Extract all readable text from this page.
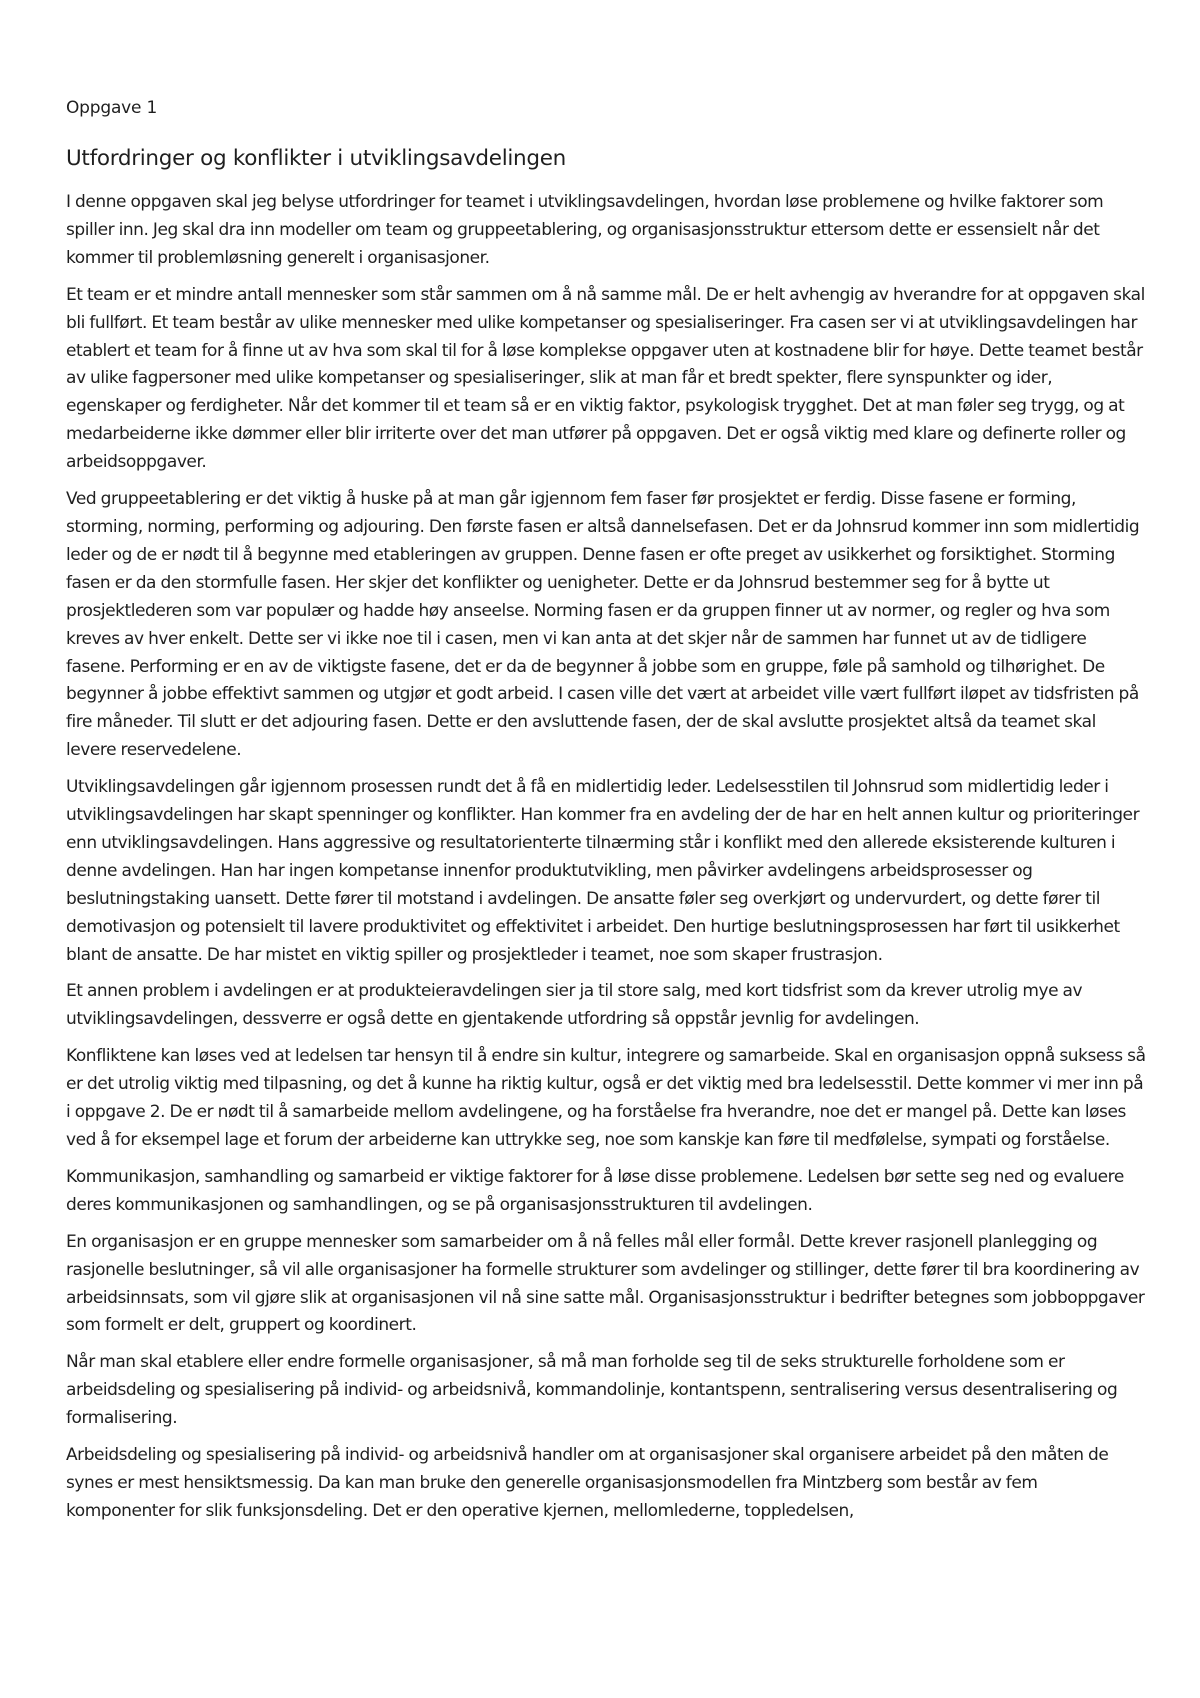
Oppgave 1
Utfordringer og konflikter i utviklingsavdelingen

I denne oppgaven skal jeg belyse utfordringer for teamet i utviklingsavdelingen, hvordan løse problemene og hvilke faktorer som spiller inn. Jeg skal dra inn modeller om team og gruppeetablering, og organisasjonsstruktur ettersom dette er essensielt når det kommer til problemløsning generelt i organisasjoner.

Et team er et mindre antall mennesker som står sammen om å nå samme mål. De er helt avhengig av hverandre for at oppgaven skal bli fullført. Et team består av ulike mennesker med ulike kompetanser og spesialiseringer. Fra casen ser vi at utviklingsavdelingen har etablert et team for å finne ut av hva som skal til for å løse komplekse oppgaver uten at kostnadene blir for høye. Dette teamet består av ulike fagpersoner med ulike kompetanser og spesialiseringer, slik at man får et bredt spekter, flere synspunkter og ider, egenskaper og ferdigheter. Når det kommer til et team så er en viktig faktor, psykologisk trygghet. Det at man føler seg trygg, og at medarbeiderne ikke dømmer eller blir irriterte over det man utfører på oppgaven. Det er også viktig med klare og definerte roller og arbeidsoppgaver.

Ved gruppeetablering er det viktig å huske på at man går igjennom fem faser før prosjektet er ferdig. Disse fasene er forming, storming, norming, performing og adjouring. Den første fasen er altså dannelsefasen. Det er da Johnsrud kommer inn som midlertidig leder og de er nødt til å begynne med etableringen av gruppen. Denne fasen er ofte preget av usikkerhet og forsiktighet. Storming fasen er da den stormfulle fasen. Her skjer det konflikter og uenigheter. Dette er da Johnsrud bestemmer seg for å bytte ut prosjektlederen som var populær og hadde høy anseelse. Norming fasen er da gruppen finner ut av normer, og regler og hva som kreves av hver enkelt. Dette ser vi ikke noe til i casen, men vi kan anta at det skjer når de sammen har funnet ut av de tidligere fasene. Performing er en av de viktigste fasene, det er da de begynner å jobbe som en gruppe, føle på samhold og tilhørighet. De begynner å jobbe effektivt sammen og utgjør et godt arbeid. I casen ville det vært at arbeidet ville vært fullført iløpet av tidsfristen på fire måneder. Til slutt er det adjouring fasen. Dette er den avsluttende fasen, der de skal avslutte prosjektet altså da teamet skal levere reservedelene.

Utviklingsavdelingen går igjennom prosessen rundt det å få en midlertidig leder. Ledelsesstilen til Johnsrud som midlertidig leder i utviklingsavdelingen har skapt spenninger og konflikter. Han kommer fra en avdeling der de har en helt annen kultur og prioriteringer enn utviklingsavdelingen. Hans aggressive og resultatorienterte tilnærming står i konflikt med den allerede eksisterende kulturen i denne avdelingen. Han har ingen kompetanse innenfor produktutvikling, men påvirker avdelingens arbeidsprosesser og beslutningstaking uansett. Dette fører til motstand i avdelingen. De ansatte føler seg overkjørt og undervurdert, og dette fører til demotivasjon og potensielt til lavere produktivitet og effektivitet i arbeidet. Den hurtige beslutningsprosessen har ført til usikkerhet blant de ansatte. De har mistet en viktig spiller og prosjektleder i teamet, noe som skaper frustrasjon.

Et annen problem i avdelingen er at produkteieravdelingen sier ja til store salg, med kort tidsfrist som da krever utrolig mye av utviklingsavdelingen, dessverre er også dette en gjentakende utfordring så oppstår jevnlig for avdelingen.

Konfliktene kan løses ved at ledelsen tar hensyn til å endre sin kultur, integrere og samarbeide. Skal en organisasjon oppnå suksess så er det utrolig viktig med tilpasning, og det å kunne ha riktig kultur, også er det viktig med bra ledelsesstil. Dette kommer vi mer inn på i oppgave 2. De er nødt til å samarbeide mellom avdelingene, og ha forståelse fra hverandre, noe det er mangel på. Dette kan løses ved å for eksempel lage et forum der arbeiderne kan uttrykke seg, noe som kanskje kan føre til medfølelse, sympati og forståelse.

Kommunikasjon, samhandling og samarbeid er viktige faktorer for å løse disse problemene. Ledelsen bør sette seg ned og evaluere deres kommunikasjonen og samhandlingen, og se på organisasjonsstrukturen til avdelingen.

En organisasjon er en gruppe mennesker som samarbeider om å nå felles mål eller formål. Dette krever rasjonell planlegging og rasjonelle beslutninger, så vil alle organisasjoner ha formelle strukturer som avdelinger og stillinger, dette fører til bra koordinering av arbeidsinnsats, som vil gjøre slik at organisasjonen vil nå sine satte mål. Organisasjonsstruktur i bedrifter betegnes som jobboppgaver som formelt er delt, gruppert og koordinert.

Når man skal etablere eller endre formelle organisasjoner, så må man forholde seg til de seks strukturelle forholdene som er arbeidsdeling og spesialisering på individ- og arbeidsnivå, kommandolinje, kontantspenn, sentralisering versus desentralisering og formalisering.

Arbeidsdeling og spesialisering på individ- og arbeidsnivå handler om at organisasjoner skal organisere arbeidet på den måten de synes er mest hensiktsmessig. Da kan man bruke den generelle organisasjonsmodellen fra Mintzberg som består av fem komponenter for slik funksjonsdeling. Det er den operative kjernen, mellomlederne, toppledelsen,
